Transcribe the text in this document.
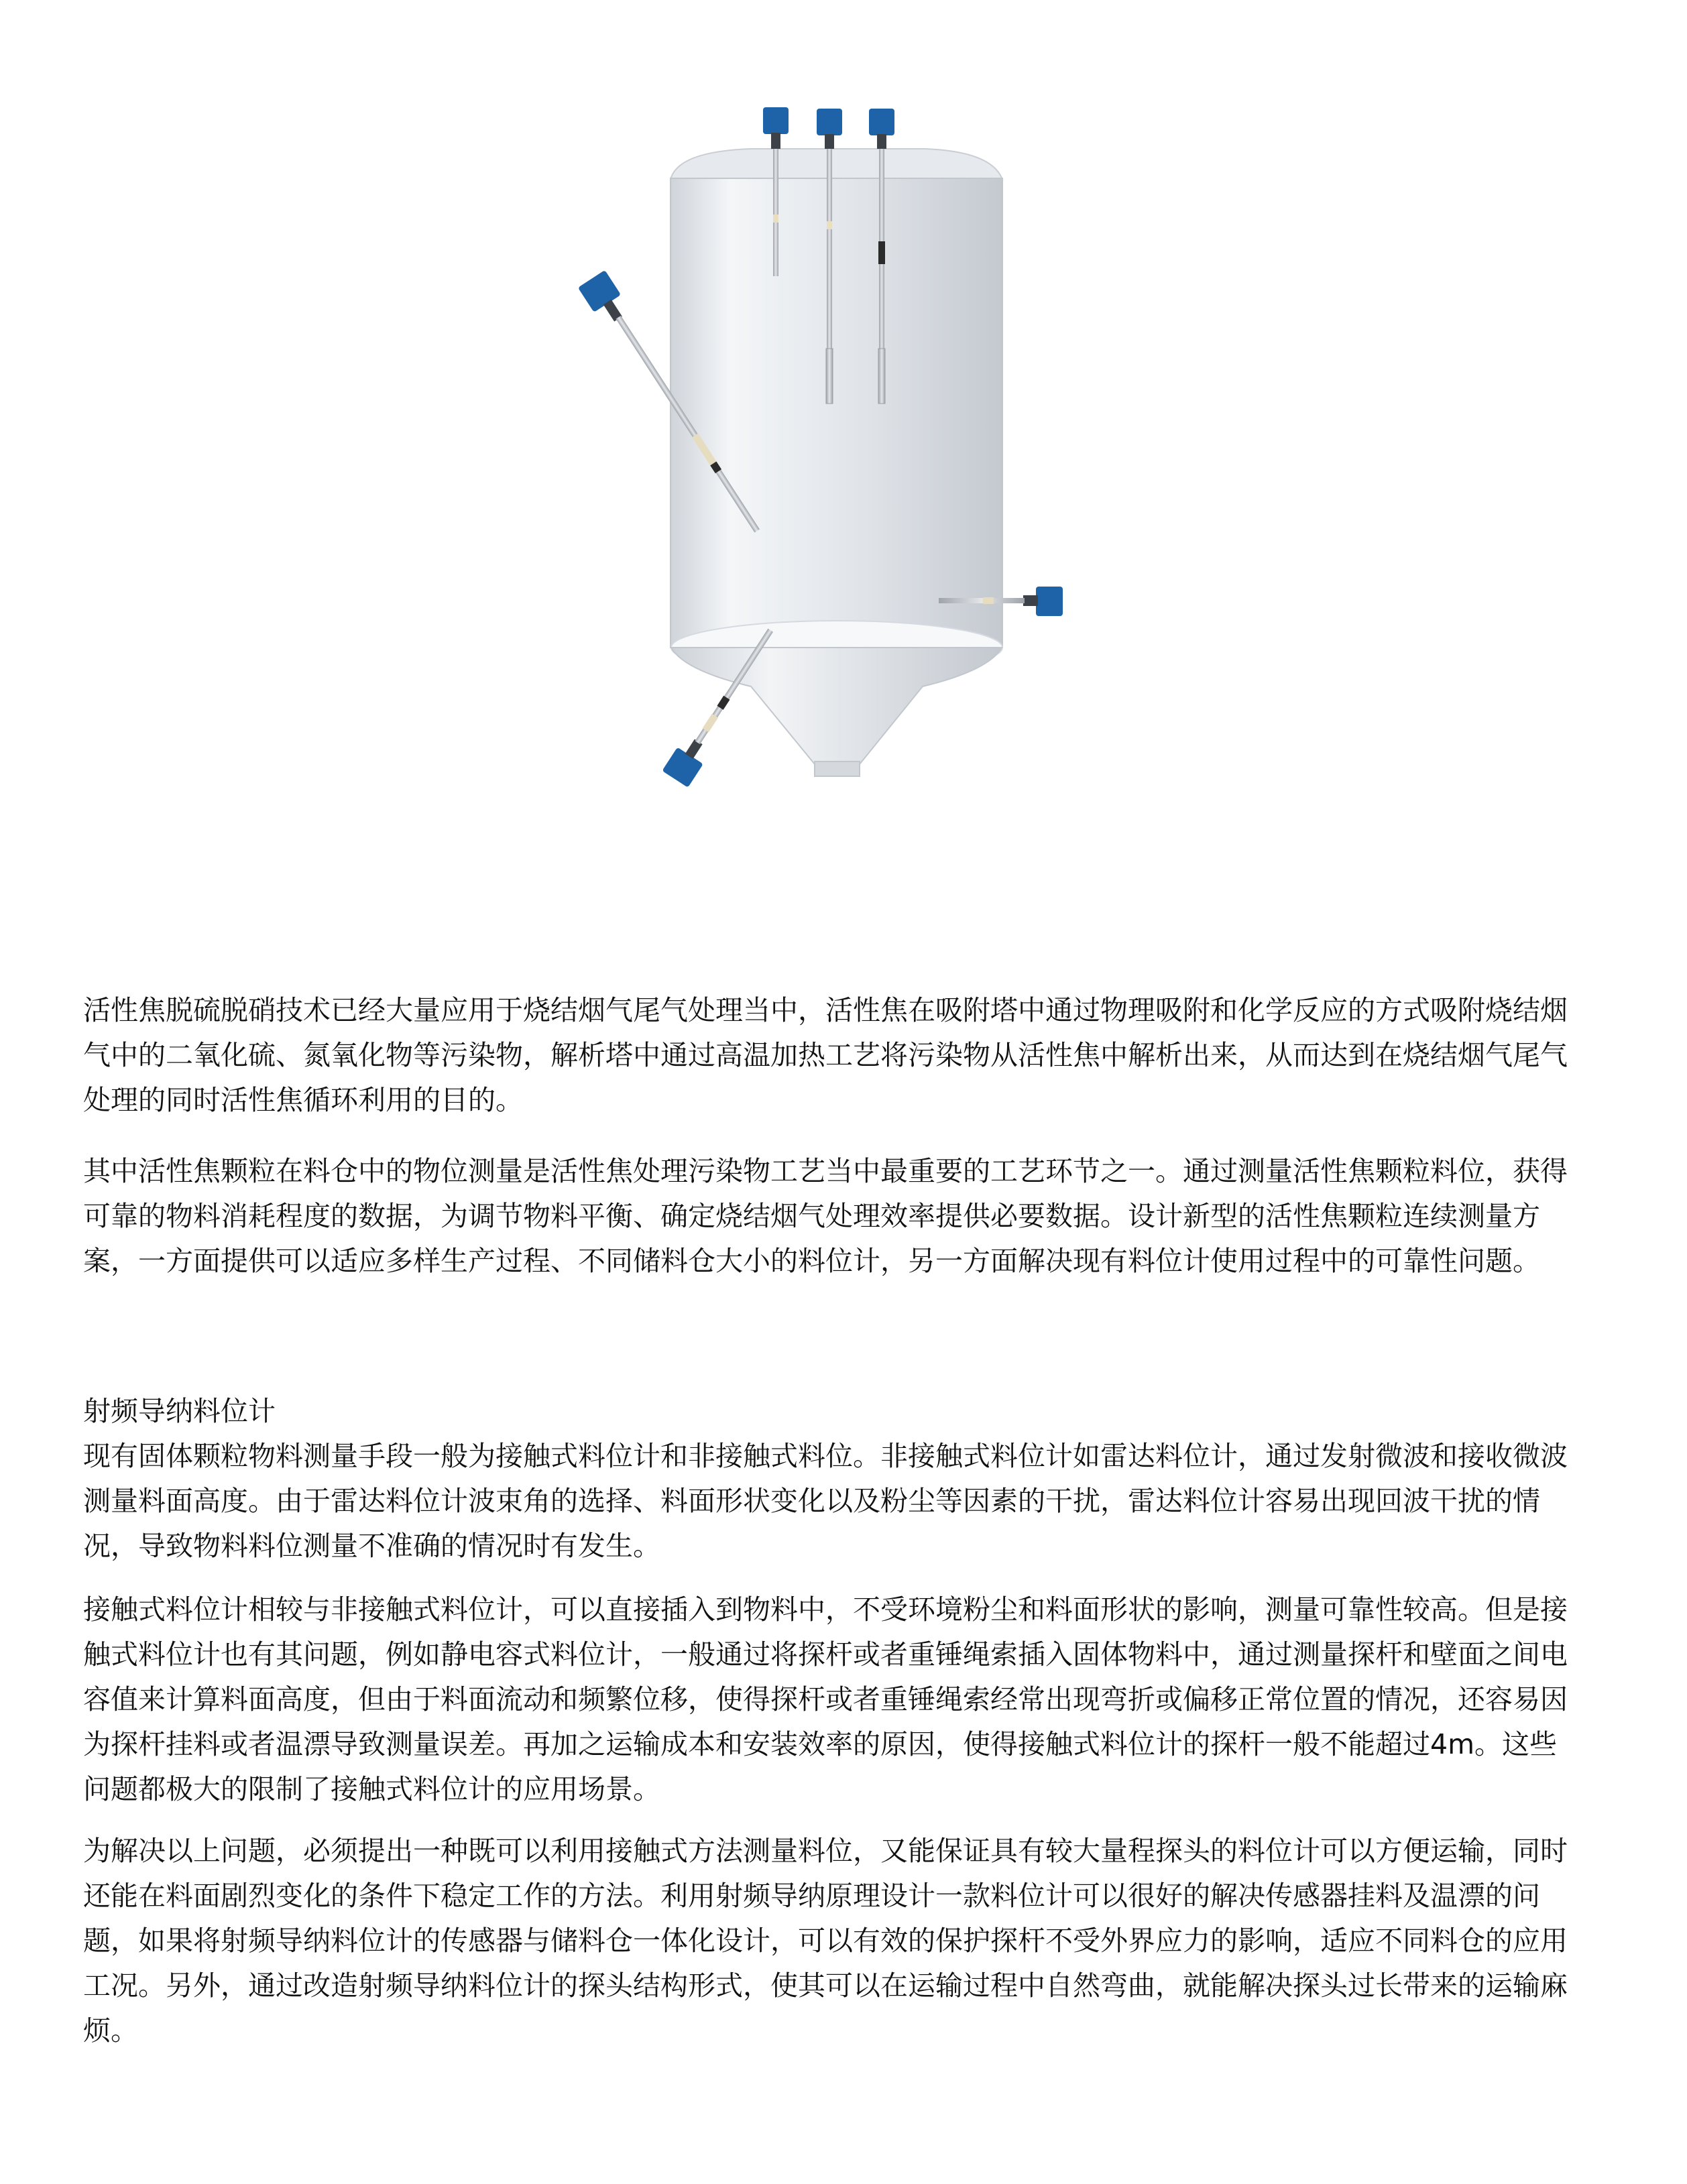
活性焦脱硫脱硝技术已经大量应用于烧结烟气尾气处理当中，活性焦在吸附塔中通过物理吸附和化学反应的方式吸附烧结烟气中的二氧化硫、氮氧化物等污染物，解析塔中通过高温加热工艺将污染物从活性焦中解析出来，从而达到在烧结烟气尾气处理的同时活性焦循环利用的目的。

其中活性焦颗粒在料仓中的物位测量是活性焦处理污染物工艺当中最重要的工艺环节之一。通过测量活性焦颗粒料位，获得可靠的物料消耗程度的数据，为调节物料平衡、确定烧结烟气处理效率提供必要数据。设计新型的活性焦颗粒连续测量方案，一方面提供可以适应多样生产过程、不同储料仓大小的料位计，另一方面解决现有料位计使用过程中的可靠性问题。

射频导纳料位计

现有固体颗粒物料测量手段一般为接触式料位计和非接触式料位。非接触式料位计如雷达料位计，通过发射微波和接收微波测量料面高度。由于雷达料位计波束角的选择、料面形状变化以及粉尘等因素的干扰，雷达料位计容易出现回波干扰的情况，导致物料料位测量不准确的情况时有发生。

接触式料位计相较与非接触式料位计，可以直接插入到物料中，不受环境粉尘和料面形状的影响，测量可靠性较高。但是接触式料位计也有其问题，例如静电容式料位计，一般通过将探杆或者重锤绳索插入固体物料中，通过测量探杆和壁面之间电容值来计算料面高度，但由于料面流动和频繁位移，使得探杆或者重锤绳索经常出现弯折或偏移正常位置的情况，还容易因为探杆挂料或者温漂导致测量误差。再加之运输成本和安装效率的原因，使得接触式料位计的探杆一般不能超过4m。这些问题都极大的限制了接触式料位计的应用场景。

为解决以上问题，必须提出一种既可以利用接触式方法测量料位，又能保证具有较大量程探头的料位计可以方便运输，同时还能在料面剧烈变化的条件下稳定工作的方法。利用射频导纳原理设计一款料位计可以很好的解决传感器挂料及温漂的问题，如果将射频导纳料位计的传感器与储料仓一体化设计，可以有效的保护探杆不受外界应力的影响，适应不同料仓的应用工况。另外，通过改造射频导纳料位计的探头结构形式，使其可以在运输过程中自然弯曲，就能解决探头过长带来的运输麻烦。
